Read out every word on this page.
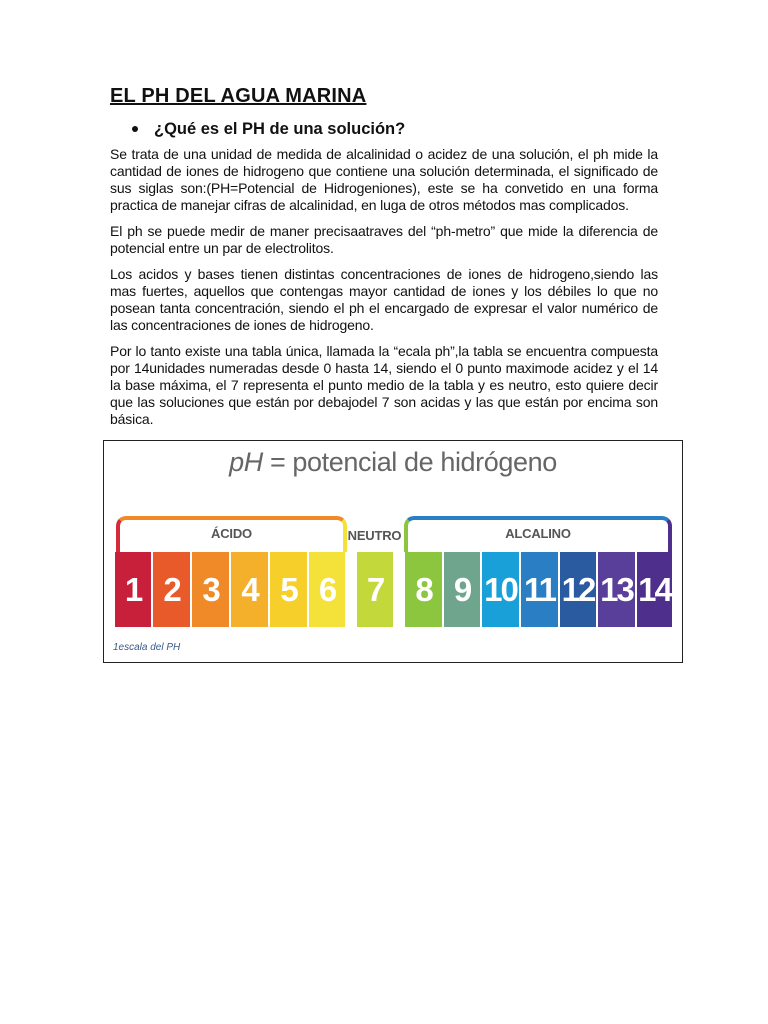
EL PH DEL AGUA MARINA
¿Qué es el PH de una solución?

Se trata de una unidad de medida de alcalinidad o acidez de una solución, el ph mide la cantidad de iones de hidrogeno que contiene una solución determinada, el significado de sus siglas son:(PH=Potencial de Hidrogeniones), este se ha convetido en una forma practica de manejar cifras de alcalinidad, en luga de otros métodos mas complicados.

El ph se puede medir de maner precisaatraves del “ph-metro” que mide la diferencia de potencial entre un par de electrolitos.

Los acidos y bases tienen distintas concentraciones de iones de hidrogeno,siendo las mas fuertes, aquellos que contengas mayor cantidad de iones y los débiles lo que no posean tanta concentración, siendo el ph el encargado de expresar el valor numérico de las concentraciones de iones de hidrogeno.

Por lo tanto existe una tabla única, llamada la “ecala ph”,la tabla se encuentra compuesta por 14unidades numeradas desde 0 hasta 14, siendo el 0 punto maximode acidez y el 14 la base máxima, el 7 representa el punto medio de la tabla y es neutro, esto quiere decir que las soluciones que están por debajodel 7 son acidas y las que están por encima son básica.

pH = potencial de hidrógeno
ÁCIDO	NEUTRO	ALCALINO
1 2 3 4 5 6 7 8 9 10 11 12 13 14
1escala del PH
